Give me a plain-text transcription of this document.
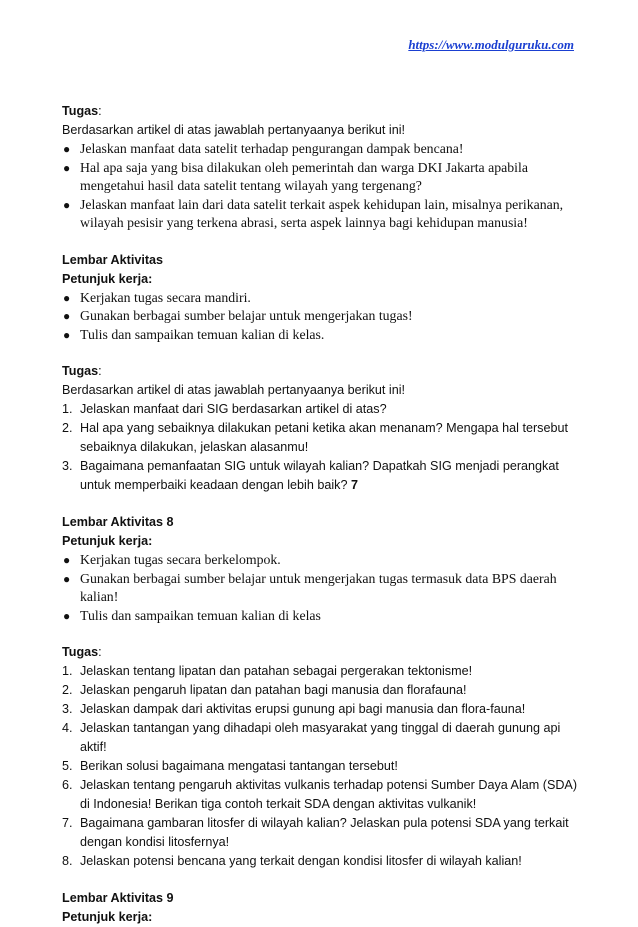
https://www.modulguruku.com

Tugas:

Berdasarkan artikel di atas jawablah pertanyaanya berikut ini!

● Jelaskan manfaat data satelit terhadap pengurangan dampak bencana!
● Hal apa saja yang bisa dilakukan oleh pemerintah dan warga DKI Jakarta apabila mengetahui hasil data satelit tentang wilayah yang tergenang?
● Jelaskan manfaat lain dari data satelit terkait aspek kehidupan lain, misalnya perikanan, wilayah pesisir yang terkena abrasi, serta aspek lainnya bagi kehidupan manusia!

Lembar Aktivitas

Petunjuk kerja:

● Kerjakan tugas secara mandiri.
● Gunakan berbagai sumber belajar untuk mengerjakan tugas!
● Tulis dan sampaikan temuan kalian di kelas.

Tugas:

Berdasarkan artikel di atas jawablah pertanyaanya berikut ini!

1. Jelaskan manfaat dari SIG berdasarkan artikel di atas?
2. Hal apa yang sebaiknya dilakukan petani ketika akan menanam? Mengapa hal tersebut sebaiknya dilakukan, jelaskan alasanmu!
3. Bagaimana pemanfaatan SIG untuk wilayah kalian? Dapatkah SIG menjadi perangkat untuk memperbaiki keadaan dengan lebih baik? 7

Lembar Aktivitas 8

Petunjuk kerja:

● Kerjakan tugas secara berkelompok.
● Gunakan berbagai sumber belajar untuk mengerjakan tugas termasuk data BPS daerah kalian!
● Tulis dan sampaikan temuan kalian di kelas

Tugas:

1. Jelaskan tentang lipatan dan patahan sebagai pergerakan tektonisme!
2. Jelaskan pengaruh lipatan dan patahan bagi manusia dan florafauna!
3. Jelaskan dampak dari aktivitas erupsi gunung api bagi manusia dan flora-fauna!
4. Jelaskan tantangan yang dihadapi oleh masyarakat yang tinggal di daerah gunung api aktif!
5. Berikan solusi bagaimana mengatasi tantangan tersebut!
6. Jelaskan tentang pengaruh aktivitas vulkanis terhadap potensi Sumber Daya Alam (SDA) di Indonesia! Berikan tiga contoh terkait SDA dengan aktivitas vulkanik!
7. Bagaimana gambaran litosfer di wilayah kalian? Jelaskan pula potensi SDA yang terkait dengan kondisi litosfernya!
8. Jelaskan potensi bencana yang terkait dengan kondisi litosfer di wilayah kalian!

Lembar Aktivitas 9

Petunjuk kerja:
